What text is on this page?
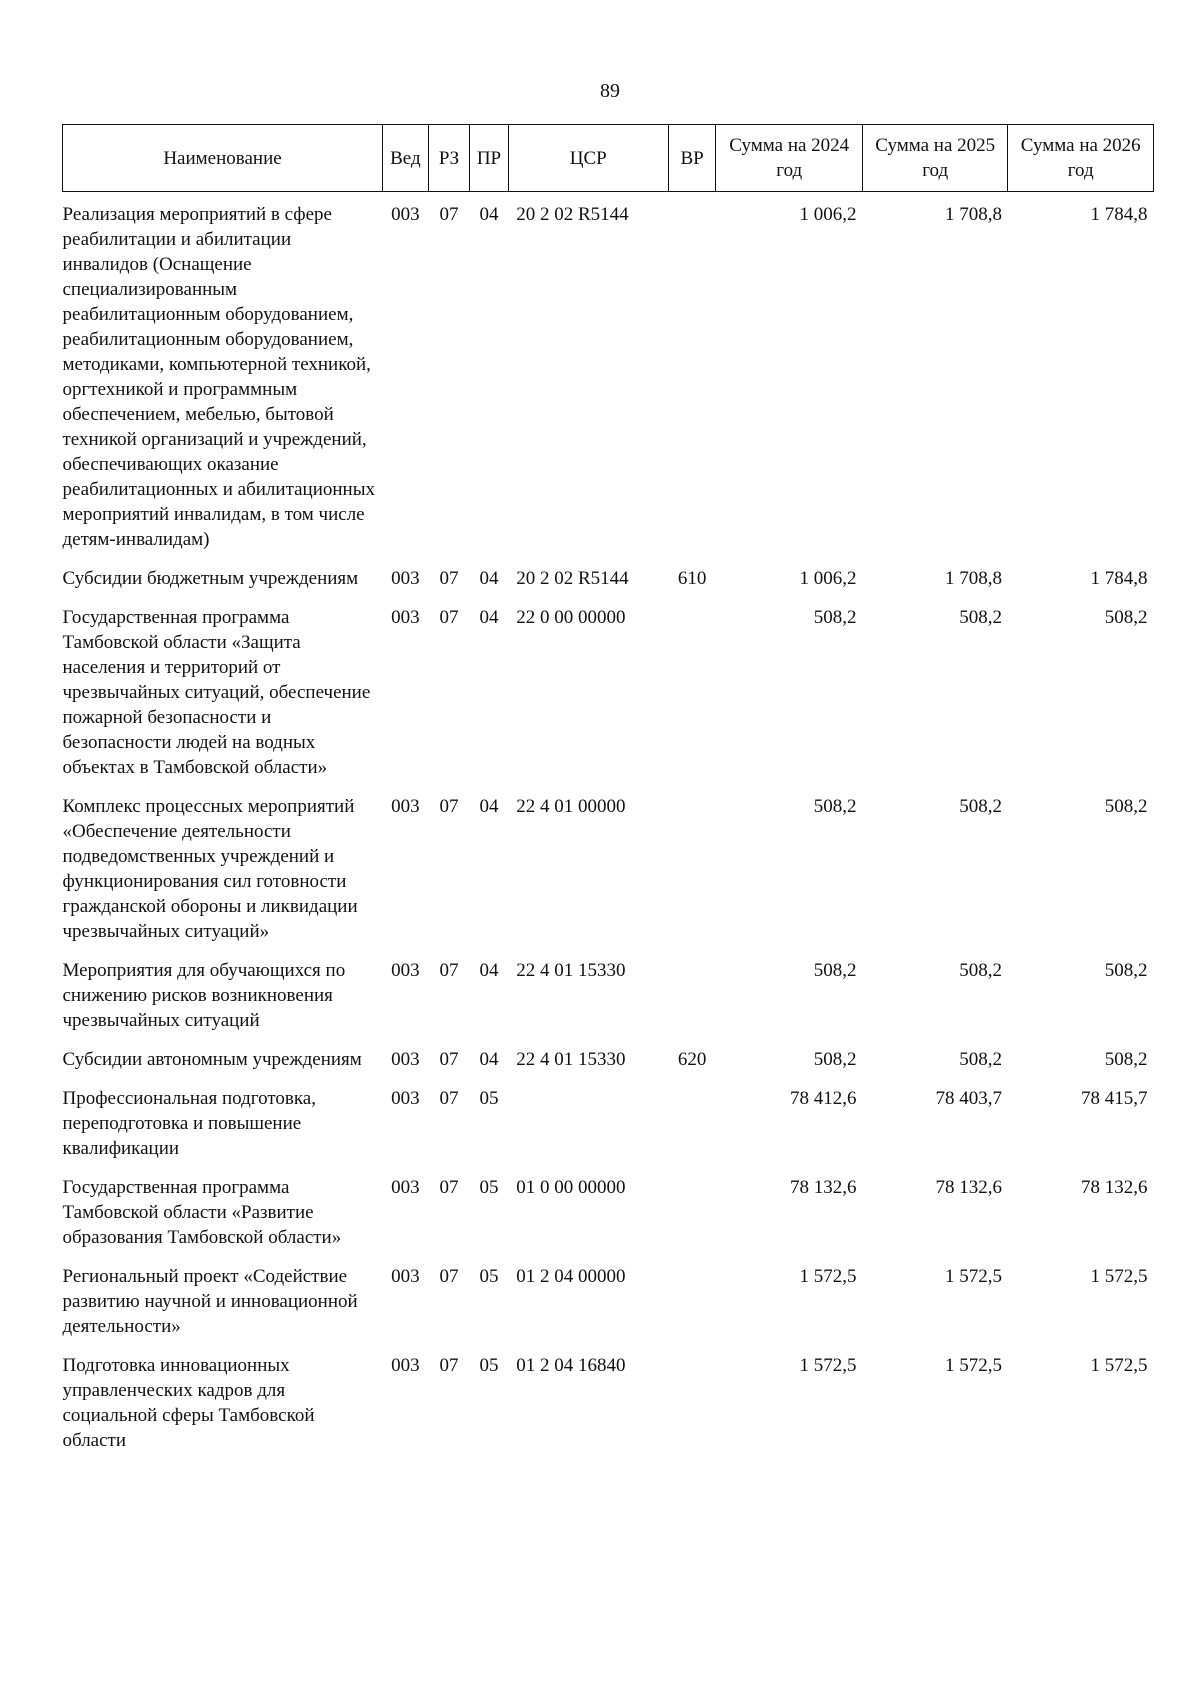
89
Наименование	Вед	РЗ	ПР	ЦСР	ВР	Сумма на 2024 год	Сумма на 2025 год	Сумма на 2026 год
Реализация мероприятий в сфере реабилитации и абилитации инвалидов (Оснащение специализированным реабилитационным оборудованием, реабилитационным оборудованием, методиками, компьютерной техникой, оргтехникой и программным обеспечением, мебелью, бытовой техникой организаций и учреждений, обеспечивающих оказание реабилитационных и абилитационных мероприятий инвалидам, в том числе детям-инвалидам)	003	07	04	20 2 02 R5144		1 006,2	1 708,8	1 784,8
Субсидии бюджетным учреждениям	003	07	04	20 2 02 R5144	610	1 006,2	1 708,8	1 784,8
Государственная программа Тамбовской области «Защита населения и территорий от чрезвычайных ситуаций, обеспечение пожарной безопасности и безопасности людей на водных объектах в Тамбовской области»	003	07	04	22 0 00 00000		508,2	508,2	508,2
Комплекс процессных мероприятий «Обеспечение деятельности подведомственных учреждений и функционирования сил готовности гражданской обороны и ликвидации чрезвычайных ситуаций»	003	07	04	22 4 01 00000		508,2	508,2	508,2
Мероприятия для обучающихся по снижению рисков возникновения чрезвычайных ситуаций	003	07	04	22 4 01 15330		508,2	508,2	508,2
Субсидии автономным учреждениям	003	07	04	22 4 01 15330	620	508,2	508,2	508,2
Профессиональная подготовка, переподготовка и повышение квалификации	003	07	05			78 412,6	78 403,7	78 415,7
Государственная программа Тамбовской области «Развитие образования Тамбовской области»	003	07	05	01 0 00 00000		78 132,6	78 132,6	78 132,6
Региональный проект «Содействие развитию научной и инновационной деятельности»	003	07	05	01 2 04 00000		1 572,5	1 572,5	1 572,5
Подготовка инновационных управленческих кадров для социальной сферы Тамбовской области	003	07	05	01 2 04 16840		1 572,5	1 572,5	1 572,5
